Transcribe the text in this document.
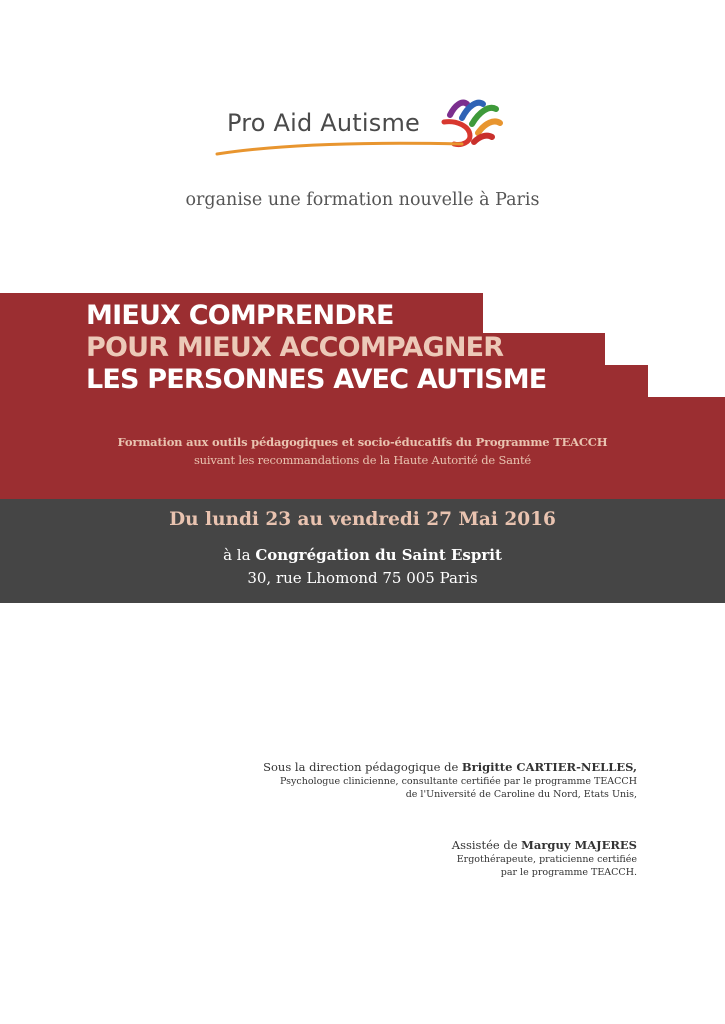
Pro Aid Autisme
organise une formation nouvelle à Paris
MIEUX COMPRENDRE
POUR MIEUX ACCOMPAGNER
LES PERSONNES AVEC AUTISME
Formation aux outils pédagogiques et socio-éducatifs du Programme TEACCH
suivant les recommandations de la Haute Autorité de Santé
Du lundi 23 au vendredi 27 Mai 2016
à la Congrégation du Saint Esprit
30, rue Lhomond 75 005 Paris
Sous la direction pédagogique de Brigitte CARTIER-NELLES,
Psychologue clinicienne, consultante certifiée par le programme TEACCH
de l'Université de Caroline du Nord, Etats Unis,
Assistée de Marguy MAJERES
Ergothérapeute, praticienne certifiée
par le programme TEACCH.
